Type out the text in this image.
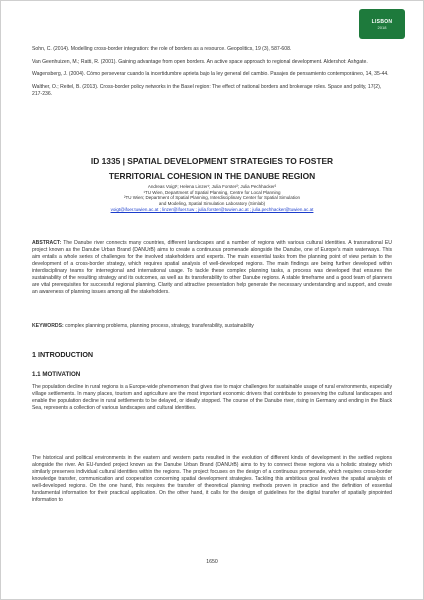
LISBON
2018

Sohn, C. (2014). Modelling cross-border integration: the role of borders as a resource. Geopolitics, 19 (3), 587-608.

Van Geenhuizen, M.; Ratti, R. (2001). Gaining advantage from open borders. An active space approach to regional development. Aldershot: Ashgate.

Wagensberg, J. (2004). Cómo perseverar cuando la incertidumbre aprieta bajo la ley general del cambio. Pasajes de pensamiento contemporáneo, 14, 35-44.

Walther, O.; Reitel, B. (2013). Cross-border policy networks in the Basel region: The effect of national borders and brokerage roles. Space and polity, 17(2), 217-236.

ID 1335 | SPATIAL DEVELOPMENT STRATEGIES TO FOSTER
TERRITORIAL COHESION IN THE DANUBE REGION
Andreas Voigt¹; Helena Linzer¹; Julia Forster²; Julia Pechhacker²
¹TU Wien, Department of Spatial Planning, Centre for Local Planning
²TU Wien; Department of Spatial Planning, Interdisciplinary Center for Spatial Simulation
and Modeling, Spatial Simulation Laboratory (Simlab)
voigt@ifoer.tuwien.ac.at ; linzer@ifoer.tuw ; julia.forster@tuwien.ac.at ; julia.pechhacker@tuwien.ac.at

ABSTRACT: The Danube river connects many countries, different landscapes and a number of regions with various cultural identities. A transnational EU project known as the Danube Urban Brand (DANUrB) aims to create a continuous promenade alongside the Danube, one of Europe's main waterways. This aim entails a whole series of challenges for the involved stakeholders and experts. The main essential tasks from the planning point of view pertain to the development of a cross-border strategy, which requires spatial analysis of well-developed regions. The main findings are being further developed within interdisciplinary teams for interregional and international usage. To tackle these complex planning tasks, a process was developed that ensures the sustainability of the resulting strategy and its outcomes, as well as its transferability to other Danube regions. A stable timeframe and a good team of planners are vital prerequisites for successful regional planning. Clarity and attractive presentation help generate the necessary understanding and support, and create an awareness of planning issues among all the stakeholders.

KEYWORDS: complex planning problems, planning process, strategy, transferability, sustainability

1 INTRODUCTION
1.1 MOTIVATION

The population decline in rural regions is a Europe-wide phenomenon that gives rise to major challenges for sustainable usage of rural environments, especially village settlements. In many places, tourism and agriculture are the most important economic drivers that contribute to preserving the cultural landscapes and enable the population decline in rural settlements to be delayed, or ideally stopped. The course of the Danube river, rising in Germany and ending in the Black Sea, represents a collection of various landscapes and cultural identities.

The historical and political environments in the eastern and western parts resulted in the evolution of different kinds of development in the settled regions alongside the river. An EU-funded project known as the Danube Urban Brand (DANUrB) aims to try to connect these regions via a holistic strategy which similarly preserves individual cultural identities within the regions. The project focuses on the design of a continuous promenade, which requires cross-border knowledge transfer, communication and cooperation concerning spatial development strategies. Tackling this ambitious goal involves the spatial analysis of well-developed regions. On the one hand, this requires the transfer of theoretical planning methods proven in practice and the definition of essential fundamental information for their practical application. On the other hand, it calls for the design of guidelines for the digital transfer of spatially pinpointed information to

1650
